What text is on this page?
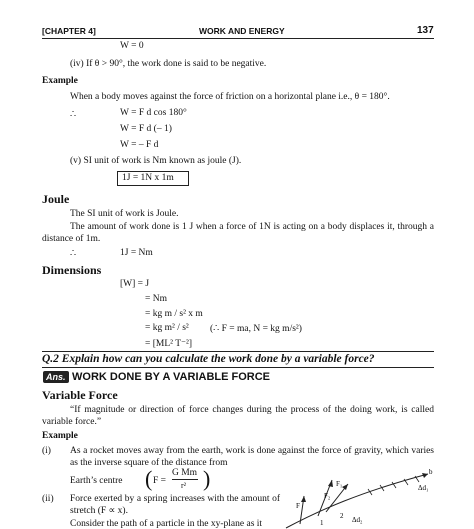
[CHAPTER 4]	WORK AND ENERGY	137
W = 0
(iv) If θ > 90°, the work done is said to be negative.
Example
When a body moves against the force of friction on a horizontal plane i.e., θ = 180°.
∴	W = F d cos 180°
W = F d (– 1)
W = – F d
(v) SI unit of work is Nm known as joule (J).
1J = 1N x 1m
Joule
The SI unit of work is Joule.
The amount of work done is 1 J when a force of 1N is acting on a body displaces it, through a distance of 1m.
∴	1J = Nm
Dimensions
[W] = J
= Nm
= kg m / s² x m
= kg m² / s² (∴ F = ma, N = kg m/s²)
= [ML² T⁻²]
Q.2 Explain how can you calculate the work done by a variable force?
Ans. WORK DONE BY A VARIABLE FORCE
Variable Force
“If magnitude or direction of force changes during the process of the doing work, is called variable force.”
Example
(i) As a rocket moves away from the earth, work is done against the force of gravity, which varies as the inverse square of the distance from
Earth’s centre ( F =
G Mm
r² )
(ii) Force exerted by a spring increases with the amount of stretch (F ∝ x).
Consider the path of a particle in the xy-plane as it
b
F₁
F₂
F
2
1
Δd₁
Δd₂
